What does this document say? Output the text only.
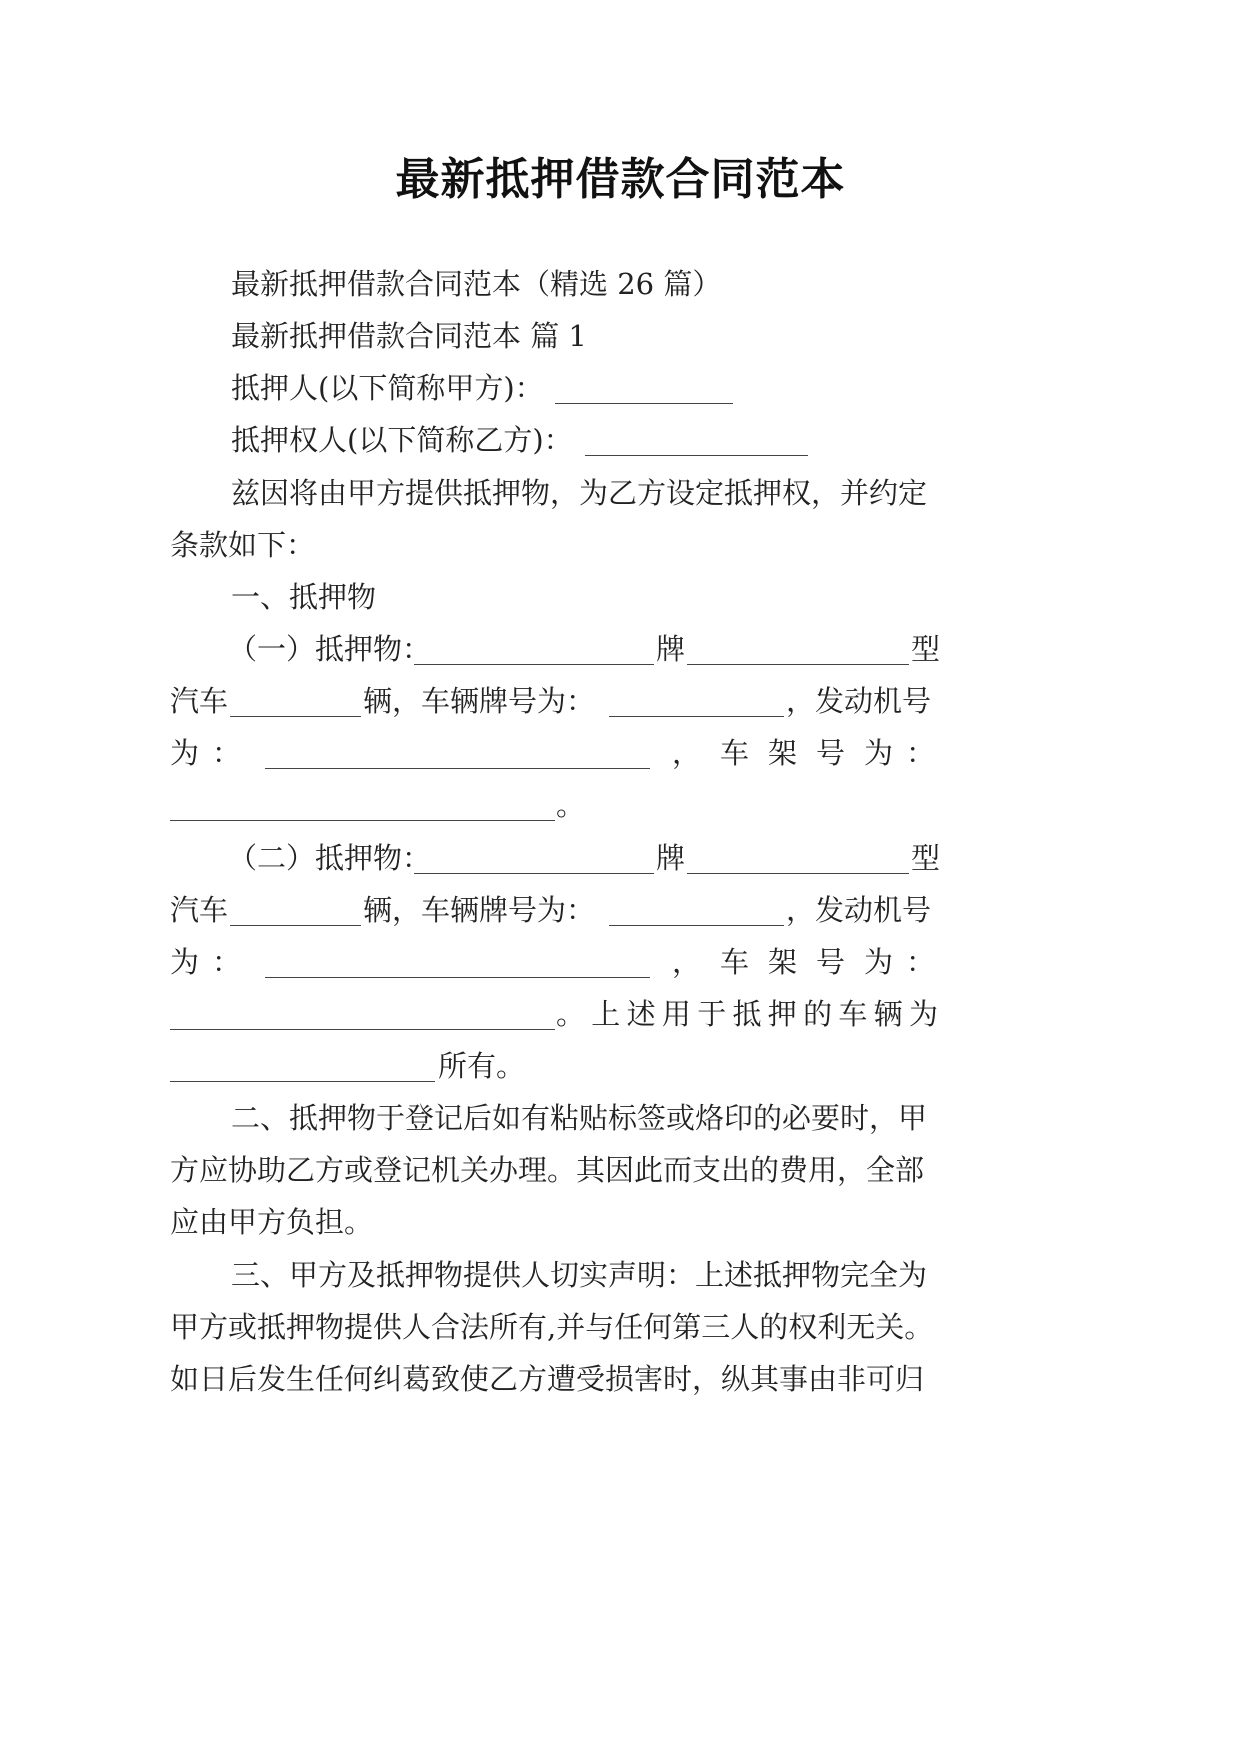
最新抵押借款合同范本
最新抵押借款合同范本（精选 26 篇）
最新抵押借款合同范本 篇 1
抵押人(以下简称甲方)：
抵押权人(以下简称乙方)：
兹因将由甲方提供抵押物，为乙方设定抵押权，并约定
条款如下：
一、抵押物
（一）抵押物：	牌	型
汽车	辆，车辆牌号为：	，发动机号
为 ：	， 车 架 号 为 ：
。
（二）抵押物：	牌	型
汽车	辆，车辆牌号为：	，发动机号
为 ：	， 车 架 号 为 ：
。 上 述 用 于 抵 押 的 车 辆 为
所有。
二、抵押物于登记后如有粘贴标签或烙印的必要时，甲
方应协助乙方或登记机关办理。其因此而支出的费用，全部
应由甲方负担。
三、甲方及抵押物提供人切实声明：上述抵押物完全为
甲方或抵押物提供人合法所有,并与任何第三人的权利无关。
如日后发生任何纠葛致使乙方遭受损害时，纵其事由非可归
